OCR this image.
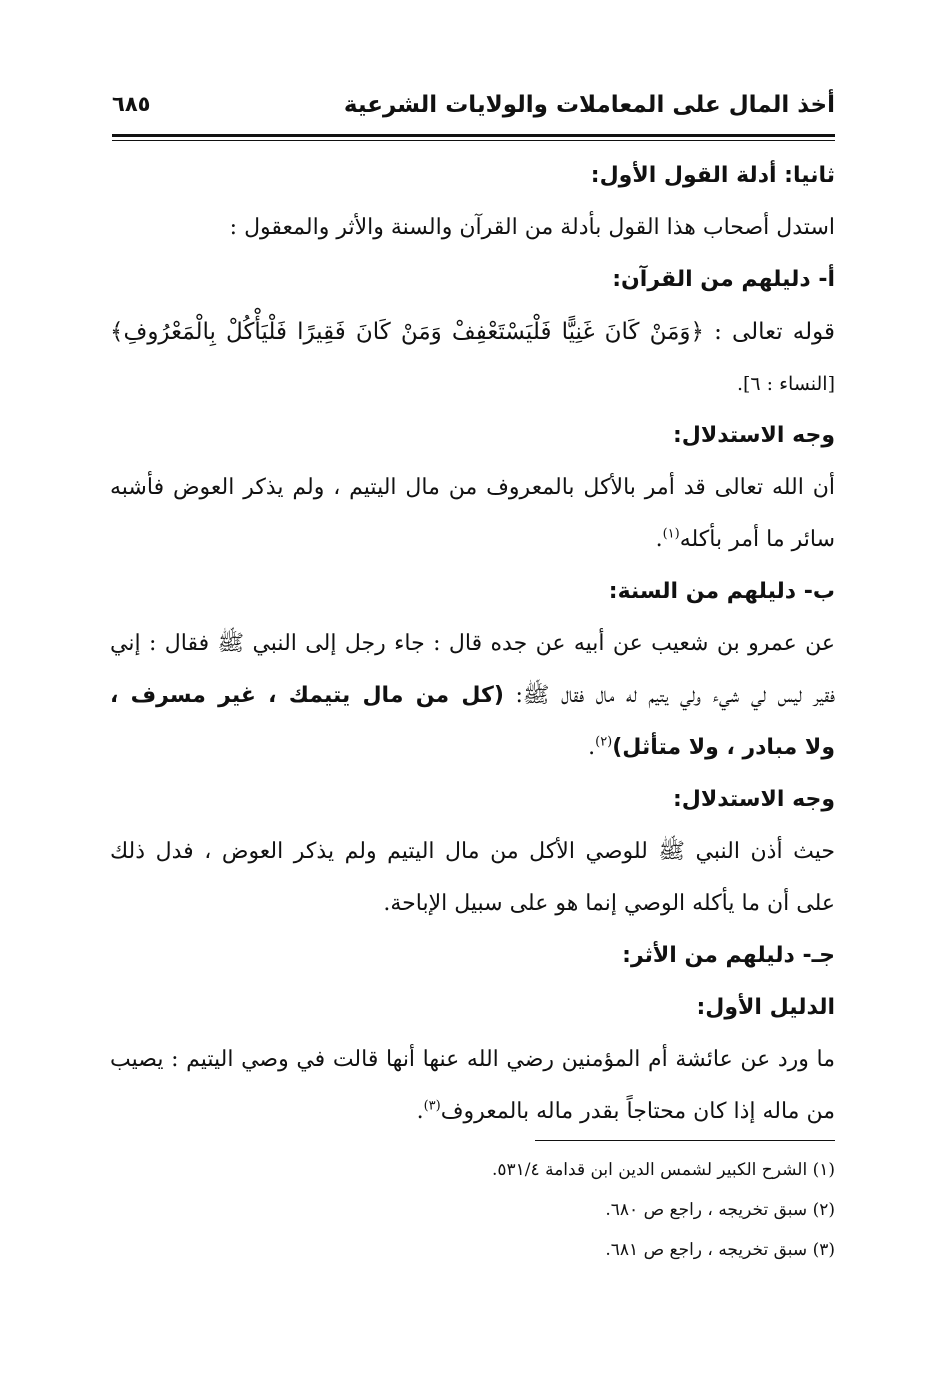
أخذ المال على المعاملات والولايات الشرعية
٦٨٥
ثانيا: أدلة القول الأول:
استدل أصحاب هذا القول بأدلة من القرآن والسنة والأثر والمعقول :
أ- دليلهم من القرآن:
قوله تعالى : ﴿وَمَنْ كَانَ غَنِيًّا فَلْيَسْتَعْفِفْ وَمَنْ كَانَ فَقِيرًا فَلْيَأْكُلْ بِالْمَعْرُوفِ﴾
[النساء : ٦].
وجه الاستدلال:
أن الله تعالى قد أمر بالأكل بالمعروف من مال اليتيم ، ولم يذكر العوض فأشبه
سائر ما أمر بأكله$^{(١)}$.
ب- دليلهم من السنة:
عن عمرو بن شعيب عن أبيه عن جده قال : جاء رجل إلى النبي ﷺ فقال : إني
فقير ليس لي شيء ولي يتيم له مال فقال ﷺ: (كل من مال يتيمك ، غير مسرف ،
ولا مبادر ، ولا متأثل)$^{(٢)}$.
وجه الاستدلال:
حيث أذن النبي ﷺ للوصي الأكل من مال اليتيم ولم يذكر العوض ، فدل ذلك
على أن ما يأكله الوصي إنما هو على سبيل الإباحة.
جـ- دليلهم من الأثر:
الدليل الأول:
ما ورد عن عائشة أم المؤمنين رضي الله عنها أنها قالت في وصي اليتيم : يصيب
من ماله إذا كان محتاجاً بقدر ماله بالمعروف$^{(٣)}$.
(١) الشرح الكبير لشمس الدين ابن قدامة ٥٣١/٤.
(٢) سبق تخريجه ، راجع ص ٦٨٠.
(٣) سبق تخريجه ، راجع ص ٦٨١.
